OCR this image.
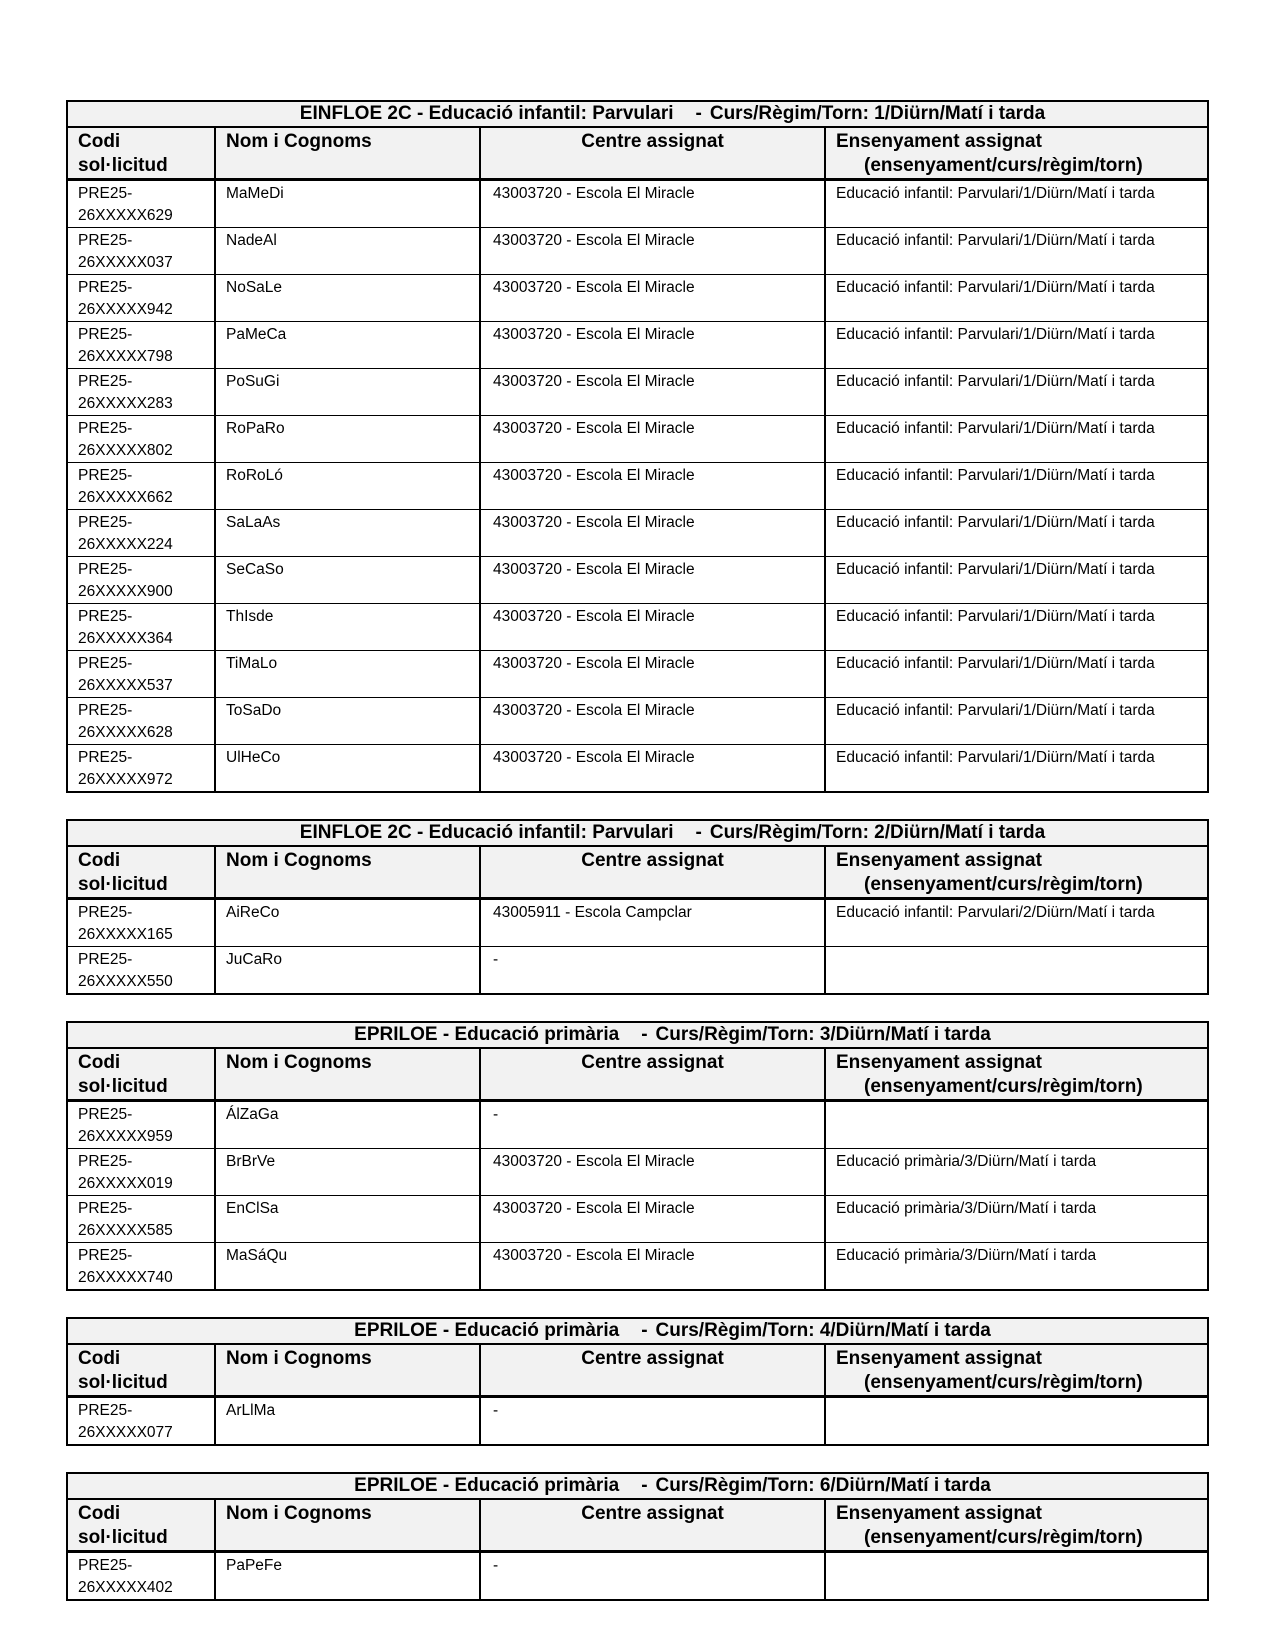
EINFLOE 2C - Educació infantil: Parvulari - Curs/Règim/Torn: 1/Diürn/Matí i tarda			

Codi
sol·licitud	Nom i Cognoms	Centre assignat	Ensenyament assignat
(ensenyament/curs/règim/torn)

PRE25-
26XXXXX629	MaMeDi	43003720 - Escola El Miracle	Educació infantil: Parvulari/1/Diürn/Matí i tarda

PRE25-
26XXXXX037	NadeAl	43003720 - Escola El Miracle	Educació infantil: Parvulari/1/Diürn/Matí i tarda

PRE25-
26XXXXX942	NoSaLe	43003720 - Escola El Miracle	Educació infantil: Parvulari/1/Diürn/Matí i tarda

PRE25-
26XXXXX798	PaMeCa	43003720 - Escola El Miracle	Educació infantil: Parvulari/1/Diürn/Matí i tarda

PRE25-
26XXXXX283	PoSuGi	43003720 - Escola El Miracle	Educació infantil: Parvulari/1/Diürn/Matí i tarda

PRE25-
26XXXXX802	RoPaRo	43003720 - Escola El Miracle	Educació infantil: Parvulari/1/Diürn/Matí i tarda

PRE25-
26XXXXX662	RoRoLó	43003720 - Escola El Miracle	Educació infantil: Parvulari/1/Diürn/Matí i tarda

PRE25-
26XXXXX224	SaLaAs	43003720 - Escola El Miracle	Educació infantil: Parvulari/1/Diürn/Matí i tarda

PRE25-
26XXXXX900	SeCaSo	43003720 - Escola El Miracle	Educació infantil: Parvulari/1/Diürn/Matí i tarda

PRE25-
26XXXXX364	ThIsde	43003720 - Escola El Miracle	Educació infantil: Parvulari/1/Diürn/Matí i tarda

PRE25-
26XXXXX537	TiMaLo	43003720 - Escola El Miracle	Educació infantil: Parvulari/1/Diürn/Matí i tarda

PRE25-
26XXXXX628	ToSaDo	43003720 - Escola El Miracle	Educació infantil: Parvulari/1/Diürn/Matí i tarda

PRE25-
26XXXXX972	UlHeCo	43003720 - Escola El Miracle	Educació infantil: Parvulari/1/Diürn/Matí i tarda
EINFLOE 2C - Educació infantil: Parvulari - Curs/Règim/Torn: 2/Diürn/Matí i tarda			

Codi
sol·licitud	Nom i Cognoms	Centre assignat	Ensenyament assignat
(ensenyament/curs/règim/torn)

PRE25-
26XXXXX165	AiReCo	43005911 - Escola Campclar	Educació infantil: Parvulari/2/Diürn/Matí i tarda

PRE25-
26XXXXX550	JuCaRo	-	
EPRILOE - Educació primària - Curs/Règim/Torn: 3/Diürn/Matí i tarda			

Codi
sol·licitud	Nom i Cognoms	Centre assignat	Ensenyament assignat
(ensenyament/curs/règim/torn)

PRE25-
26XXXXX959	ÁlZaGa	-	

PRE25-
26XXXXX019	BrBrVe	43003720 - Escola El Miracle	Educació primària/3/Diürn/Matí i tarda

PRE25-
26XXXXX585	EnClSa	43003720 - Escola El Miracle	Educació primària/3/Diürn/Matí i tarda

PRE25-
26XXXXX740	MaSáQu	43003720 - Escola El Miracle	Educació primària/3/Diürn/Matí i tarda
EPRILOE - Educació primària - Curs/Règim/Torn: 4/Diürn/Matí i tarda			

Codi
sol·licitud	Nom i Cognoms	Centre assignat	Ensenyament assignat
(ensenyament/curs/règim/torn)

PRE25-
26XXXXX077	ArLlMa	-	
EPRILOE - Educació primària - Curs/Règim/Torn: 6/Diürn/Matí i tarda			

Codi
sol·licitud	Nom i Cognoms	Centre assignat	Ensenyament assignat
(ensenyament/curs/règim/torn)

PRE25-
26XXXXX402	PaPeFe	-	
